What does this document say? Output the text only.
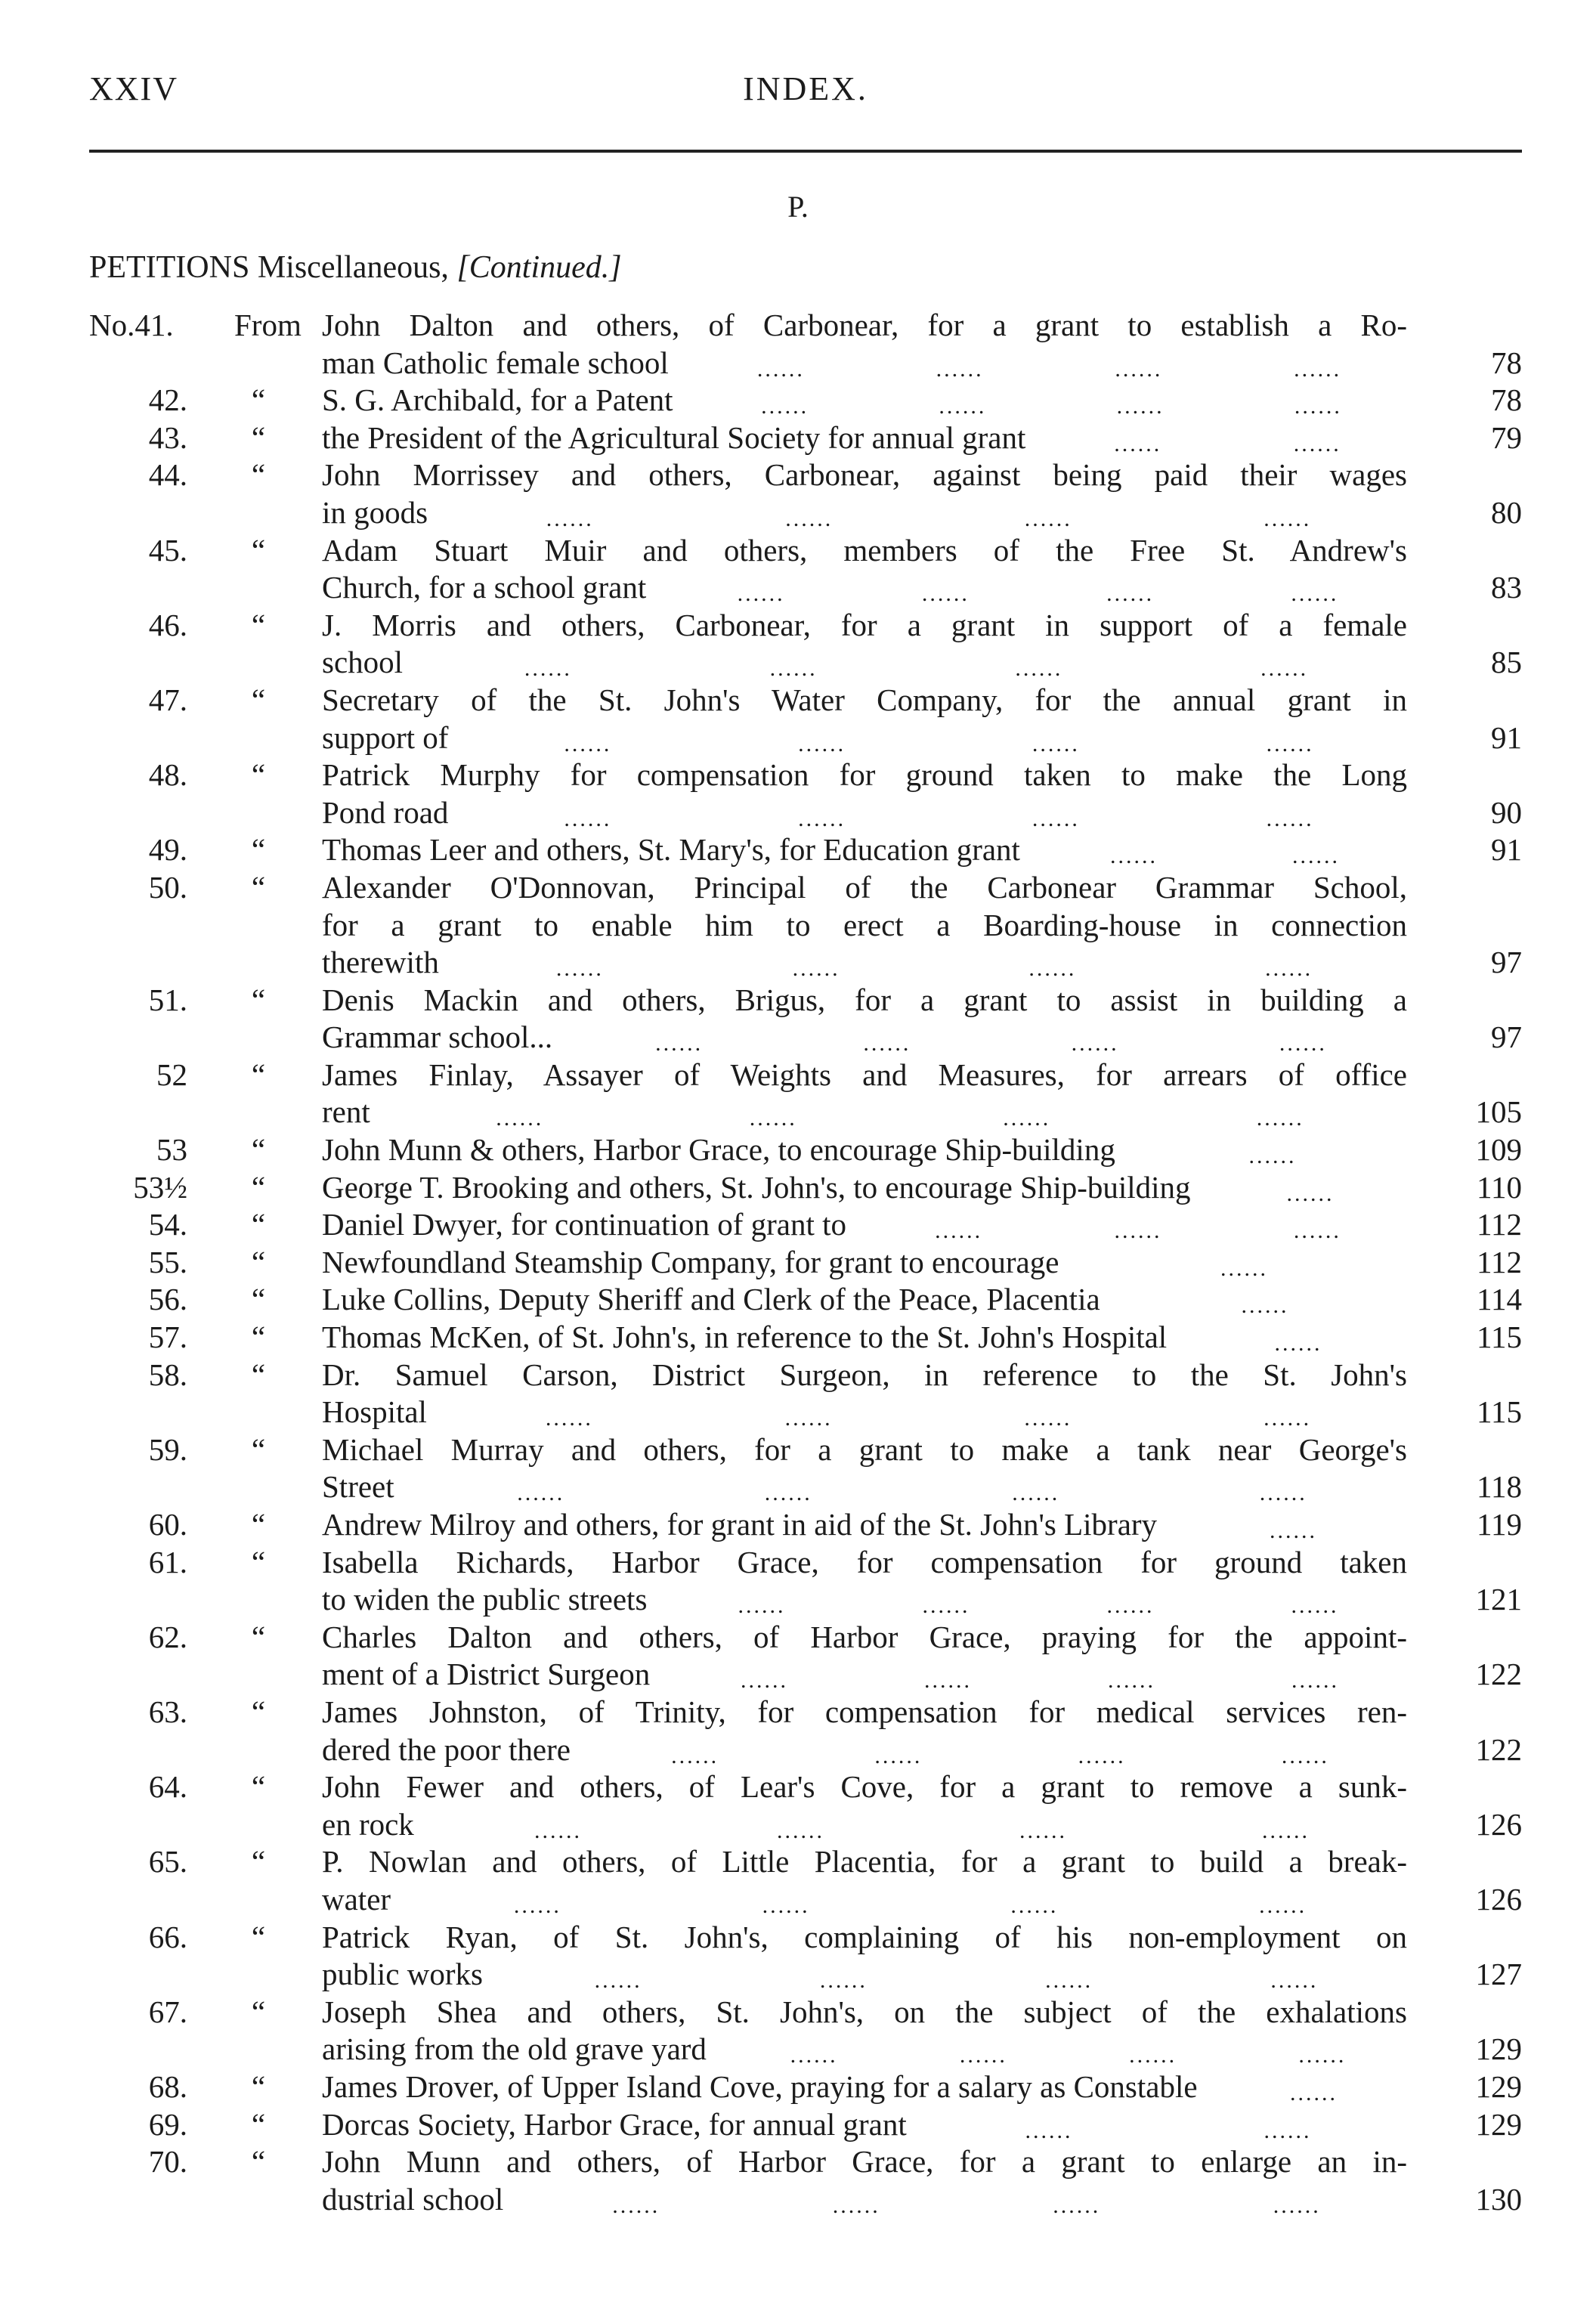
XXIV	INDEX.
P.
PETITIONS Miscellaneous, [Continued.]
No.41.	From John Dalton and others, of Carbonear, for a grant to establish a Ro-
man Catholic female school	......	......	......	......	78
42. “ S. G. Archibald, for a Patent	......	......	......	......	78
43. “ the President of the Agricultural Society for annual grant	......	......	79
44. “ John Morrissey and others, Carbonear, against being paid their wages
in goods	......	......	......	......	80
45. “ Adam Stuart Muir and others, members of the Free St. Andrew's
Church, for a school grant	......	......	......	......	83
46. “ J. Morris and others, Carbonear, for a grant in support of a female
school	......	......	......	......	85
47. “ Secretary of the St. John's Water Company, for the annual grant in
support of	......	......	......	......	91
48. “ Patrick Murphy for compensation for ground taken to make the Long
Pond road	......	......	......	......	90
49. “ Thomas Leer and others, St. Mary's, for Education grant	......	......	91
50. “ Alexander O'Donnovan, Principal of the Carbonear Grammar School,
for a grant to enable him to erect a Boarding-house in connection
therewith	......	......	......	......	97
51. “ Denis Mackin and others, Brigus, for a grant to assist in building a
Grammar school...	......	......	......	......	97
52 “ James Finlay, Assayer of Weights and Measures, for arrears of office
rent	......	......	......	......	105
53 “ John Munn & others, Harbor Grace, to encourage Ship-building	......	109
53½ “ George T. Brooking and others, St. John's, to encourage Ship-building	......	110
54. “ Daniel Dwyer, for continuation of grant to	......	......	......	112
55. “ Newfoundland Steamship Company, for grant to encourage	......	112
56. “ Luke Collins, Deputy Sheriff and Clerk of the Peace, Placentia	......	114
57. “ Thomas McKen, of St. John's, in reference to the St. John's Hospital	......	115
58. “ Dr. Samuel Carson, District Surgeon, in reference to the St. John's
Hospital	......	......	......	......	115
59. “ Michael Murray and others, for a grant to make a tank near George's
Street	......	......	......	......	118
60. “ Andrew Milroy and others, for grant in aid of the St. John's Library	......	119
61. “ Isabella Richards, Harbor Grace, for compensation for ground taken
to widen the public streets	......	......	......	......	121
62. “ Charles Dalton and others, of Harbor Grace, praying for the appoint-
ment of a District Surgeon	......	......	......	......	122
63. “ James Johnston, of Trinity, for compensation for medical services ren-
dered the poor there	......	......	......	......	122
64. “ John Fewer and others, of Lear's Cove, for a grant to remove a sunk-
en rock	......	......	......	......	126
65. “ P. Nowlan and others, of Little Placentia, for a grant to build a break-
water	......	......	......	......	126
66. “ Patrick Ryan, of St. John's, complaining of his non-employment on
public works	......	......	......	......	127
67. “ Joseph Shea and others, St. John's, on the subject of the exhalations
arising from the old grave yard	......	......	......	......	129
68. “ James Drover, of Upper Island Cove, praying for a salary as Constable	......	129
69. “ Dorcas Society, Harbor Grace, for annual grant	......	......	129
70. “ John Munn and others, of Harbor Grace, for a grant to enlarge an in-
dustrial school	......	......	......	......	130
